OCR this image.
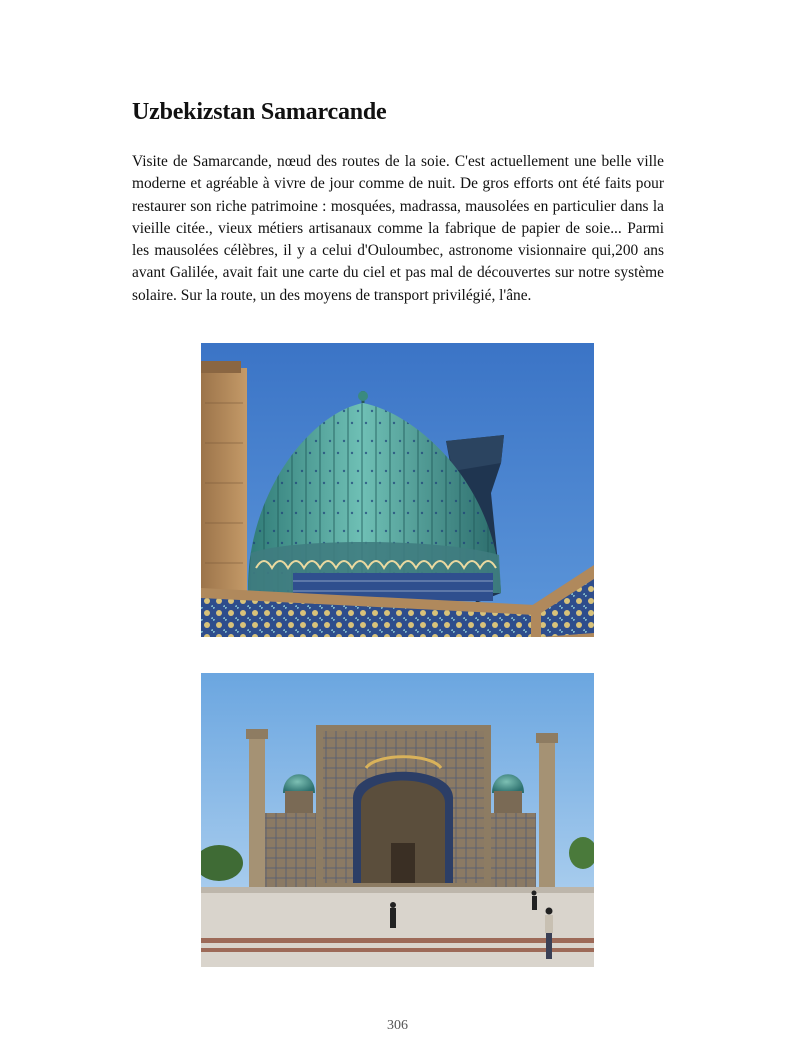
Uzbekizstan Samarcande

Visite de Samarcande, nœud des routes de la soie. C'est actuellement une belle ville moderne et agréable à vivre de jour comme de nuit. De gros efforts ont été faits pour restaurer son riche patrimoine : mosquées, madrassa, mausolées en particulier dans la vieille citée., vieux métiers artisanaux comme la fabrique de papier de soie... Parmi les mausolées célèbres, il y a celui d'Ouloumbec, astronome visionnaire qui,200 ans avant Galilée, avait fait une carte du ciel et pas mal de découvertes sur notre système solaire. Sur la route, un des moyens de transport privilégié, l'âne.

306
